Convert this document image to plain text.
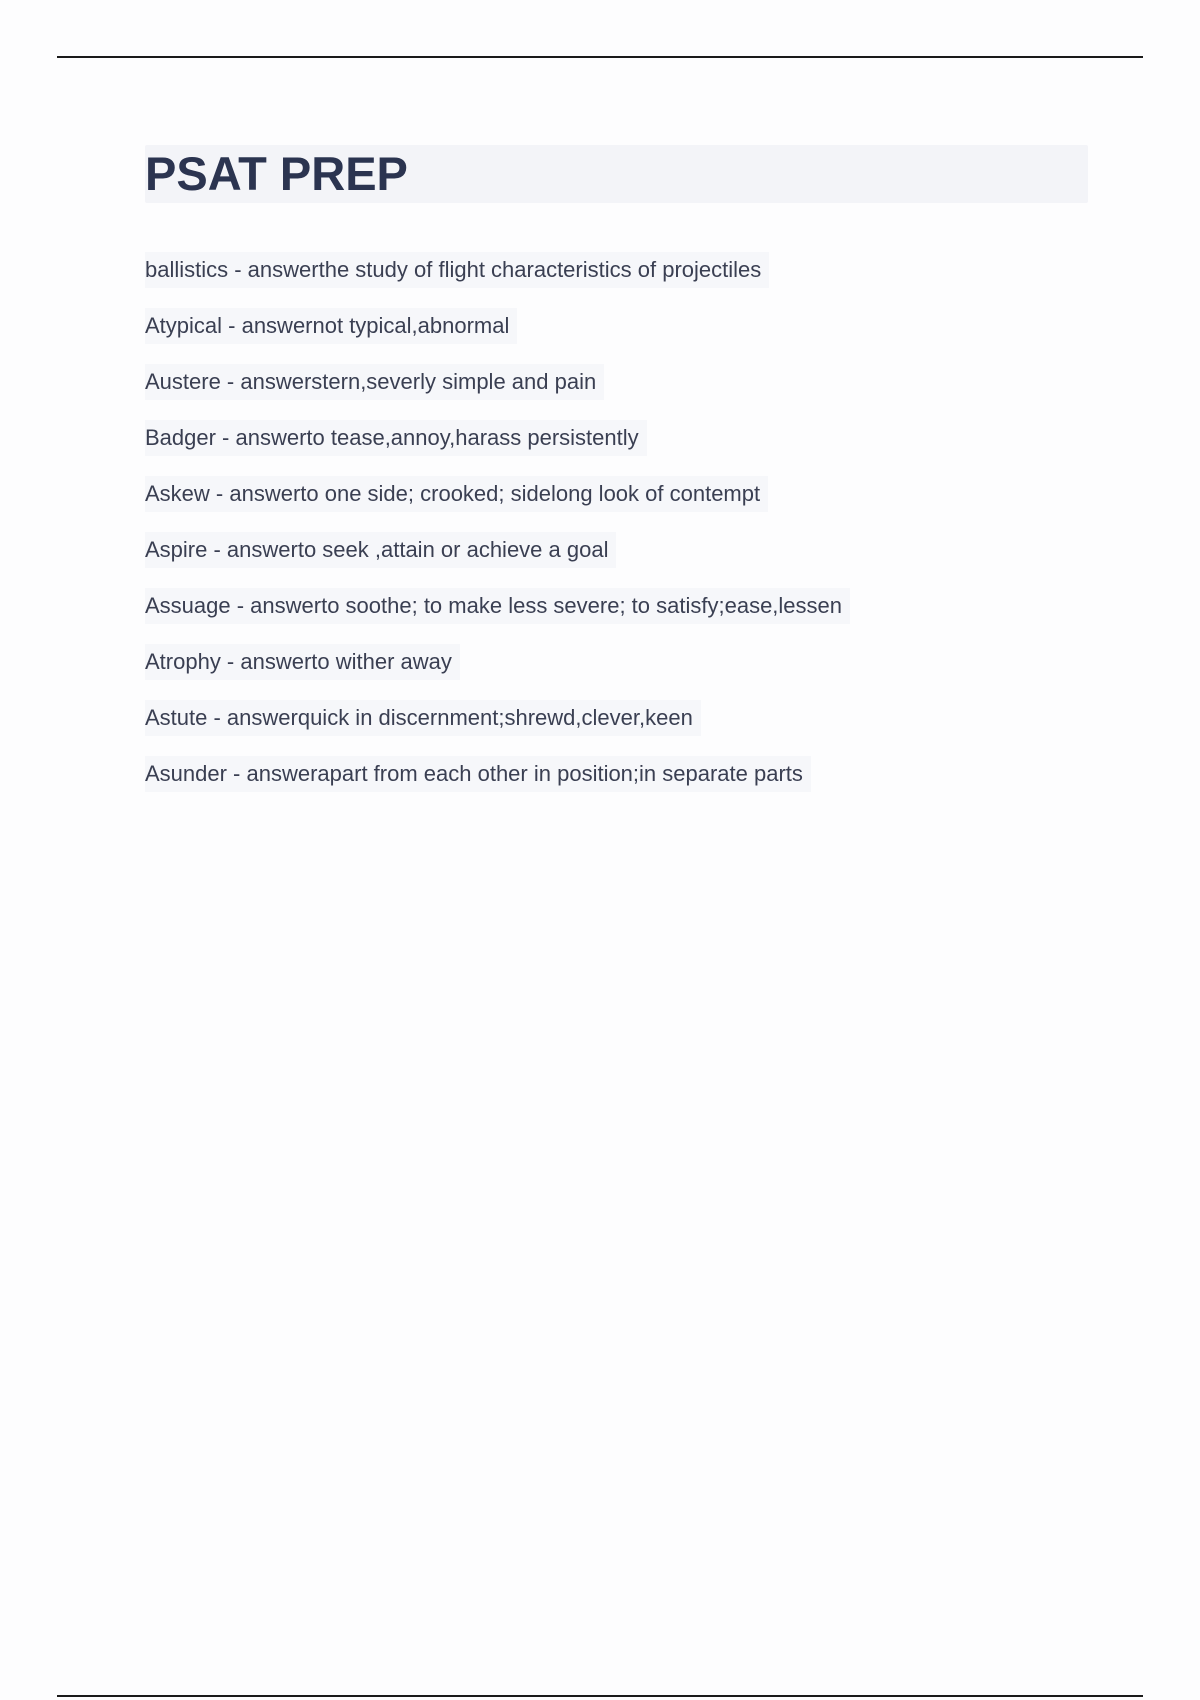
PSAT PREP
ballistics - answerthe study of flight characteristics of projectiles
Atypical - answernot typical,abnormal
Austere - answerstern,severly simple and pain
Badger - answerto tease,annoy,harass persistently
Askew - answerto one side; crooked; sidelong look of contempt
Aspire - answerto seek ,attain or achieve a goal
Assuage - answerto soothe; to make less severe; to satisfy;ease,lessen
Atrophy - answerto wither away
Astute - answerquick in discernment;shrewd,clever,keen
Asunder - answerapart from each other in position;in separate parts
